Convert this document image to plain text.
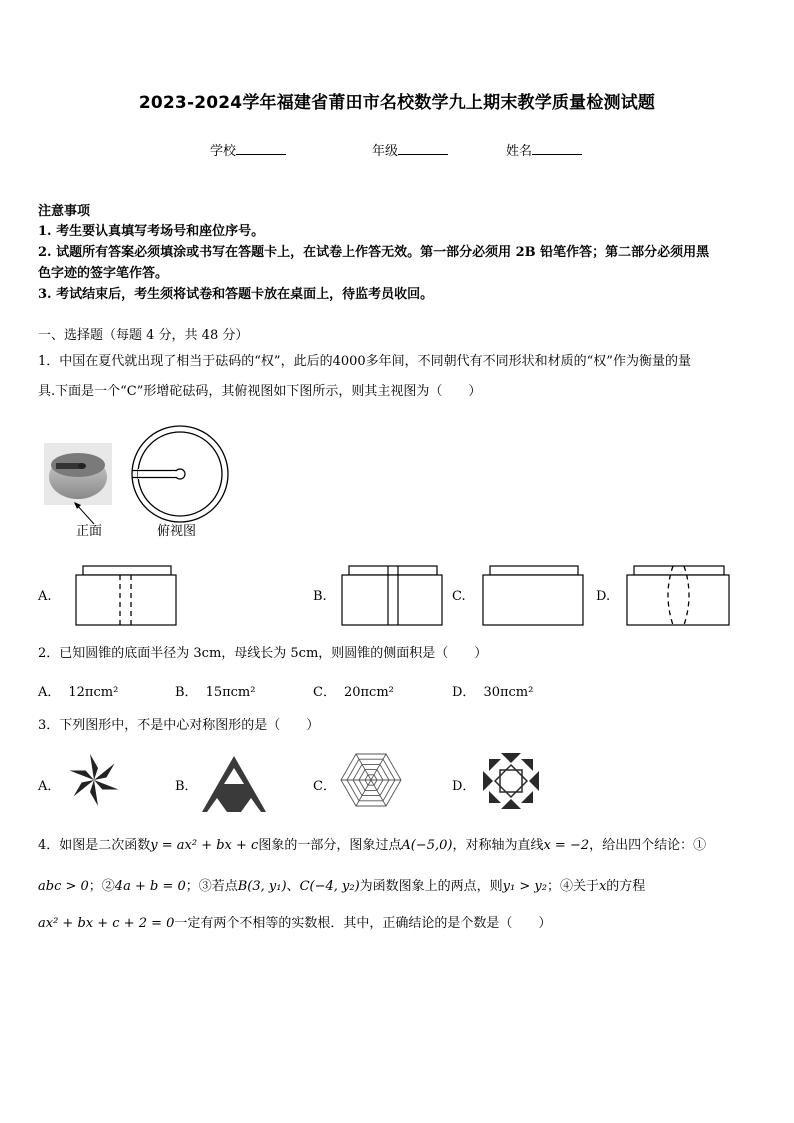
2023-2024学年福建省莆田市名校数学九上期末教学质量检测试题
学校	年级	姓名
注意事项
1. 考生要认真填写考场号和座位序号。
2. 试题所有答案必须填涂或书写在答题卡上，在试卷上作答无效。第一部分必须用 2B 铅笔作答；第二部分必须用黑
色字迹的签字笔作答。
3. 考试结束后，考生须将试卷和答题卡放在桌面上，待监考员收回。
一、选择题（每题 4 分，共 48 分）
1．中国在夏代就出现了相当于砝码的“权”，此后的4000多年间，不同朝代有不同形状和材质的“权”作为衡量的量
具.下面是一个“C”形增砣砝码，其俯视图如下图所示，则其主视图为（　　）
正面	俯视图
A.	B.	C.	D.
2．已知圆锥的底面半径为 3cm，母线长为 5cm，则圆锥的侧面积是（　　）
A． 12πcm²	B． 15πcm²	C． 20πcm²	D． 30πcm²
3．下列图形中，不是中心对称图形的是（　　）
A．	B．	C．	D．
4．如图是二次函数y = ax² + bx + c图象的一部分，图象过点A(−5,0)，对称轴为直线x = −2，给出四个结论：①
abc > 0；②4a + b = 0；③若点B(3, y₁)、C(−4, y₂)为函数图象上的两点，则y₁ > y₂；④关于x的方程
ax² + bx + c + 2 = 0一定有两个不相等的实数根．其中，正确结论的是个数是（　　）
